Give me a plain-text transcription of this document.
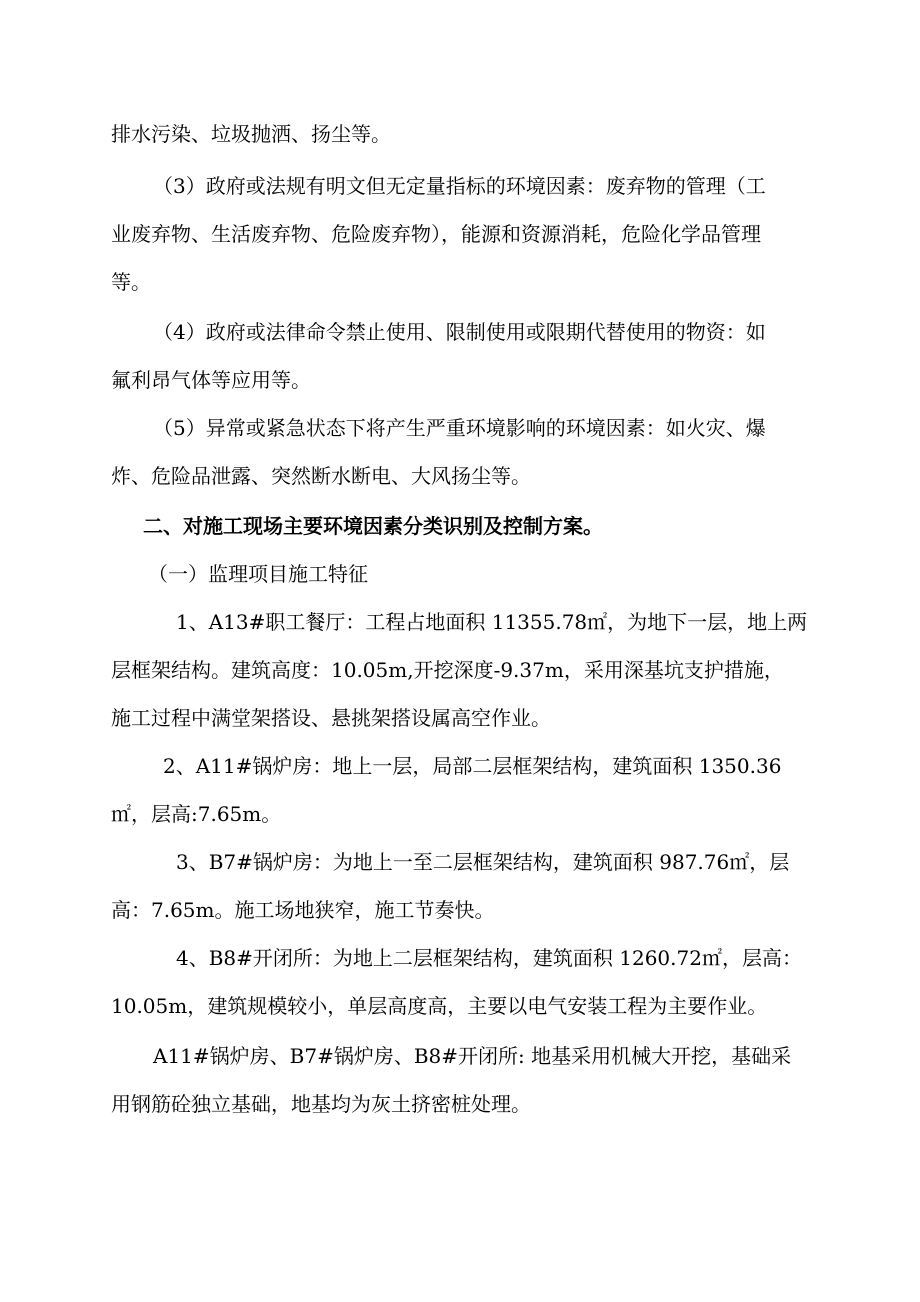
排水污染、垃圾抛洒、扬尘等。
（3）政府或法规有明文但无定量指标的环境因素：废弃物的管理（工
业废弃物、生活废弃物、危险废弃物），能源和资源消耗，危险化学品管理
等。
（4）政府或法律命令禁止使用、限制使用或限期代替使用的物资：如
氟利昂气体等应用等。
（5）异常或紧急状态下将产生严重环境影响的环境因素：如火灾、爆
炸、危险品泄露、突然断水断电、大风扬尘等。
二、对施工现场主要环境因素分类识别及控制方案。
（一）监理项目施工特征
1、A13#职工餐厅：工程占地面积 11355.78㎡，为地下一层，地上两
层框架结构。建筑高度：10.05m,开挖深度-9.37m，采用深基坑支护措施，
施工过程中满堂架搭设、悬挑架搭设属高空作业。
2、A11#锅炉房：地上一层，局部二层框架结构，建筑面积 1350.36
㎡，层高:7.65m。
3、B7#锅炉房：为地上一至二层框架结构，建筑面积 987.76㎡，层
高：7.65m。施工场地狭窄，施工节奏快。
4、B8#开闭所：为地上二层框架结构，建筑面积 1260.72㎡，层高：
10.05m，建筑规模较小，单层高度高，主要以电气安装工程为主要作业。
A11#锅炉房、B7#锅炉房、B8#开闭所: 地基采用机械大开挖，基础采
用钢筋砼独立基础，地基均为灰土挤密桩处理。
